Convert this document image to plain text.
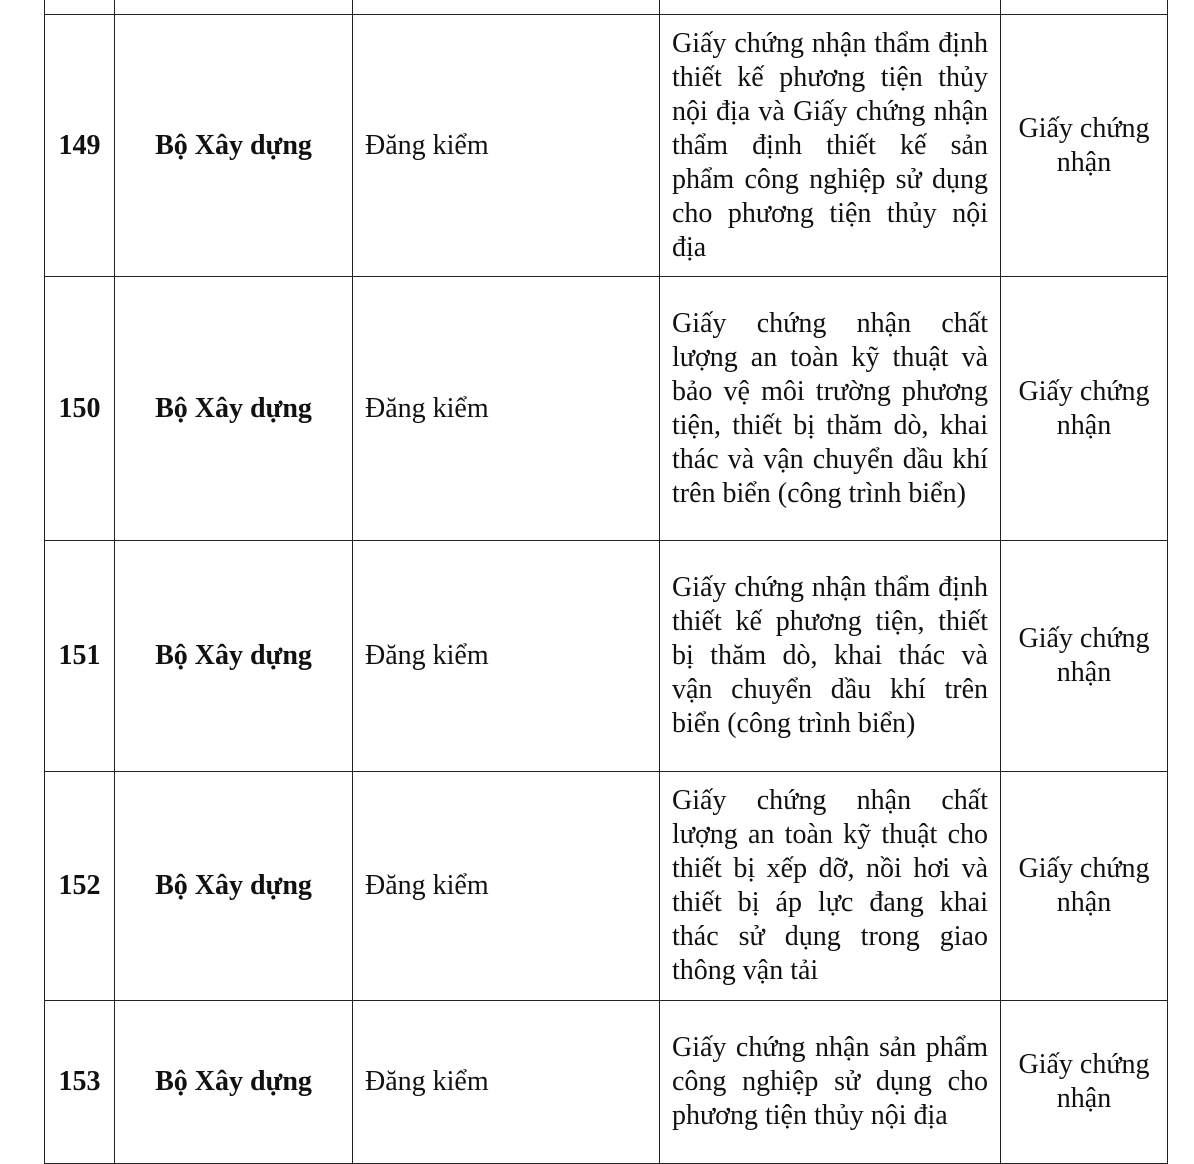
149	Bộ Xây dựng	Đăng kiểm	Giấy chứng nhận thẩm định thiết kế phương tiện thủy nội địa và Giấy chứng nhận thẩm định thiết kế sản phẩm công nghiệp sử dụng cho phương tiện thủy nội địa	Giấy chứng nhận
150	Bộ Xây dựng	Đăng kiểm	Giấy chứng nhận chất lượng an toàn kỹ thuật và bảo vệ môi trường phương tiện, thiết bị thăm dò, khai thác và vận chuyển dầu khí trên biển (công trình biển)	Giấy chứng nhận
151	Bộ Xây dựng	Đăng kiểm	Giấy chứng nhận thẩm định thiết kế phương tiện, thiết bị thăm dò, khai thác và vận chuyển dầu khí trên biển (công trình biển)	Giấy chứng nhận
152	Bộ Xây dựng	Đăng kiểm	Giấy chứng nhận chất lượng an toàn kỹ thuật cho thiết bị xếp dỡ, nồi hơi và thiết bị áp lực đang khai thác sử dụng trong giao thông vận tải	Giấy chứng nhận
153	Bộ Xây dựng	Đăng kiểm	Giấy chứng nhận sản phẩm công nghiệp sử dụng cho phương tiện thủy nội địa	Giấy chứng nhận
